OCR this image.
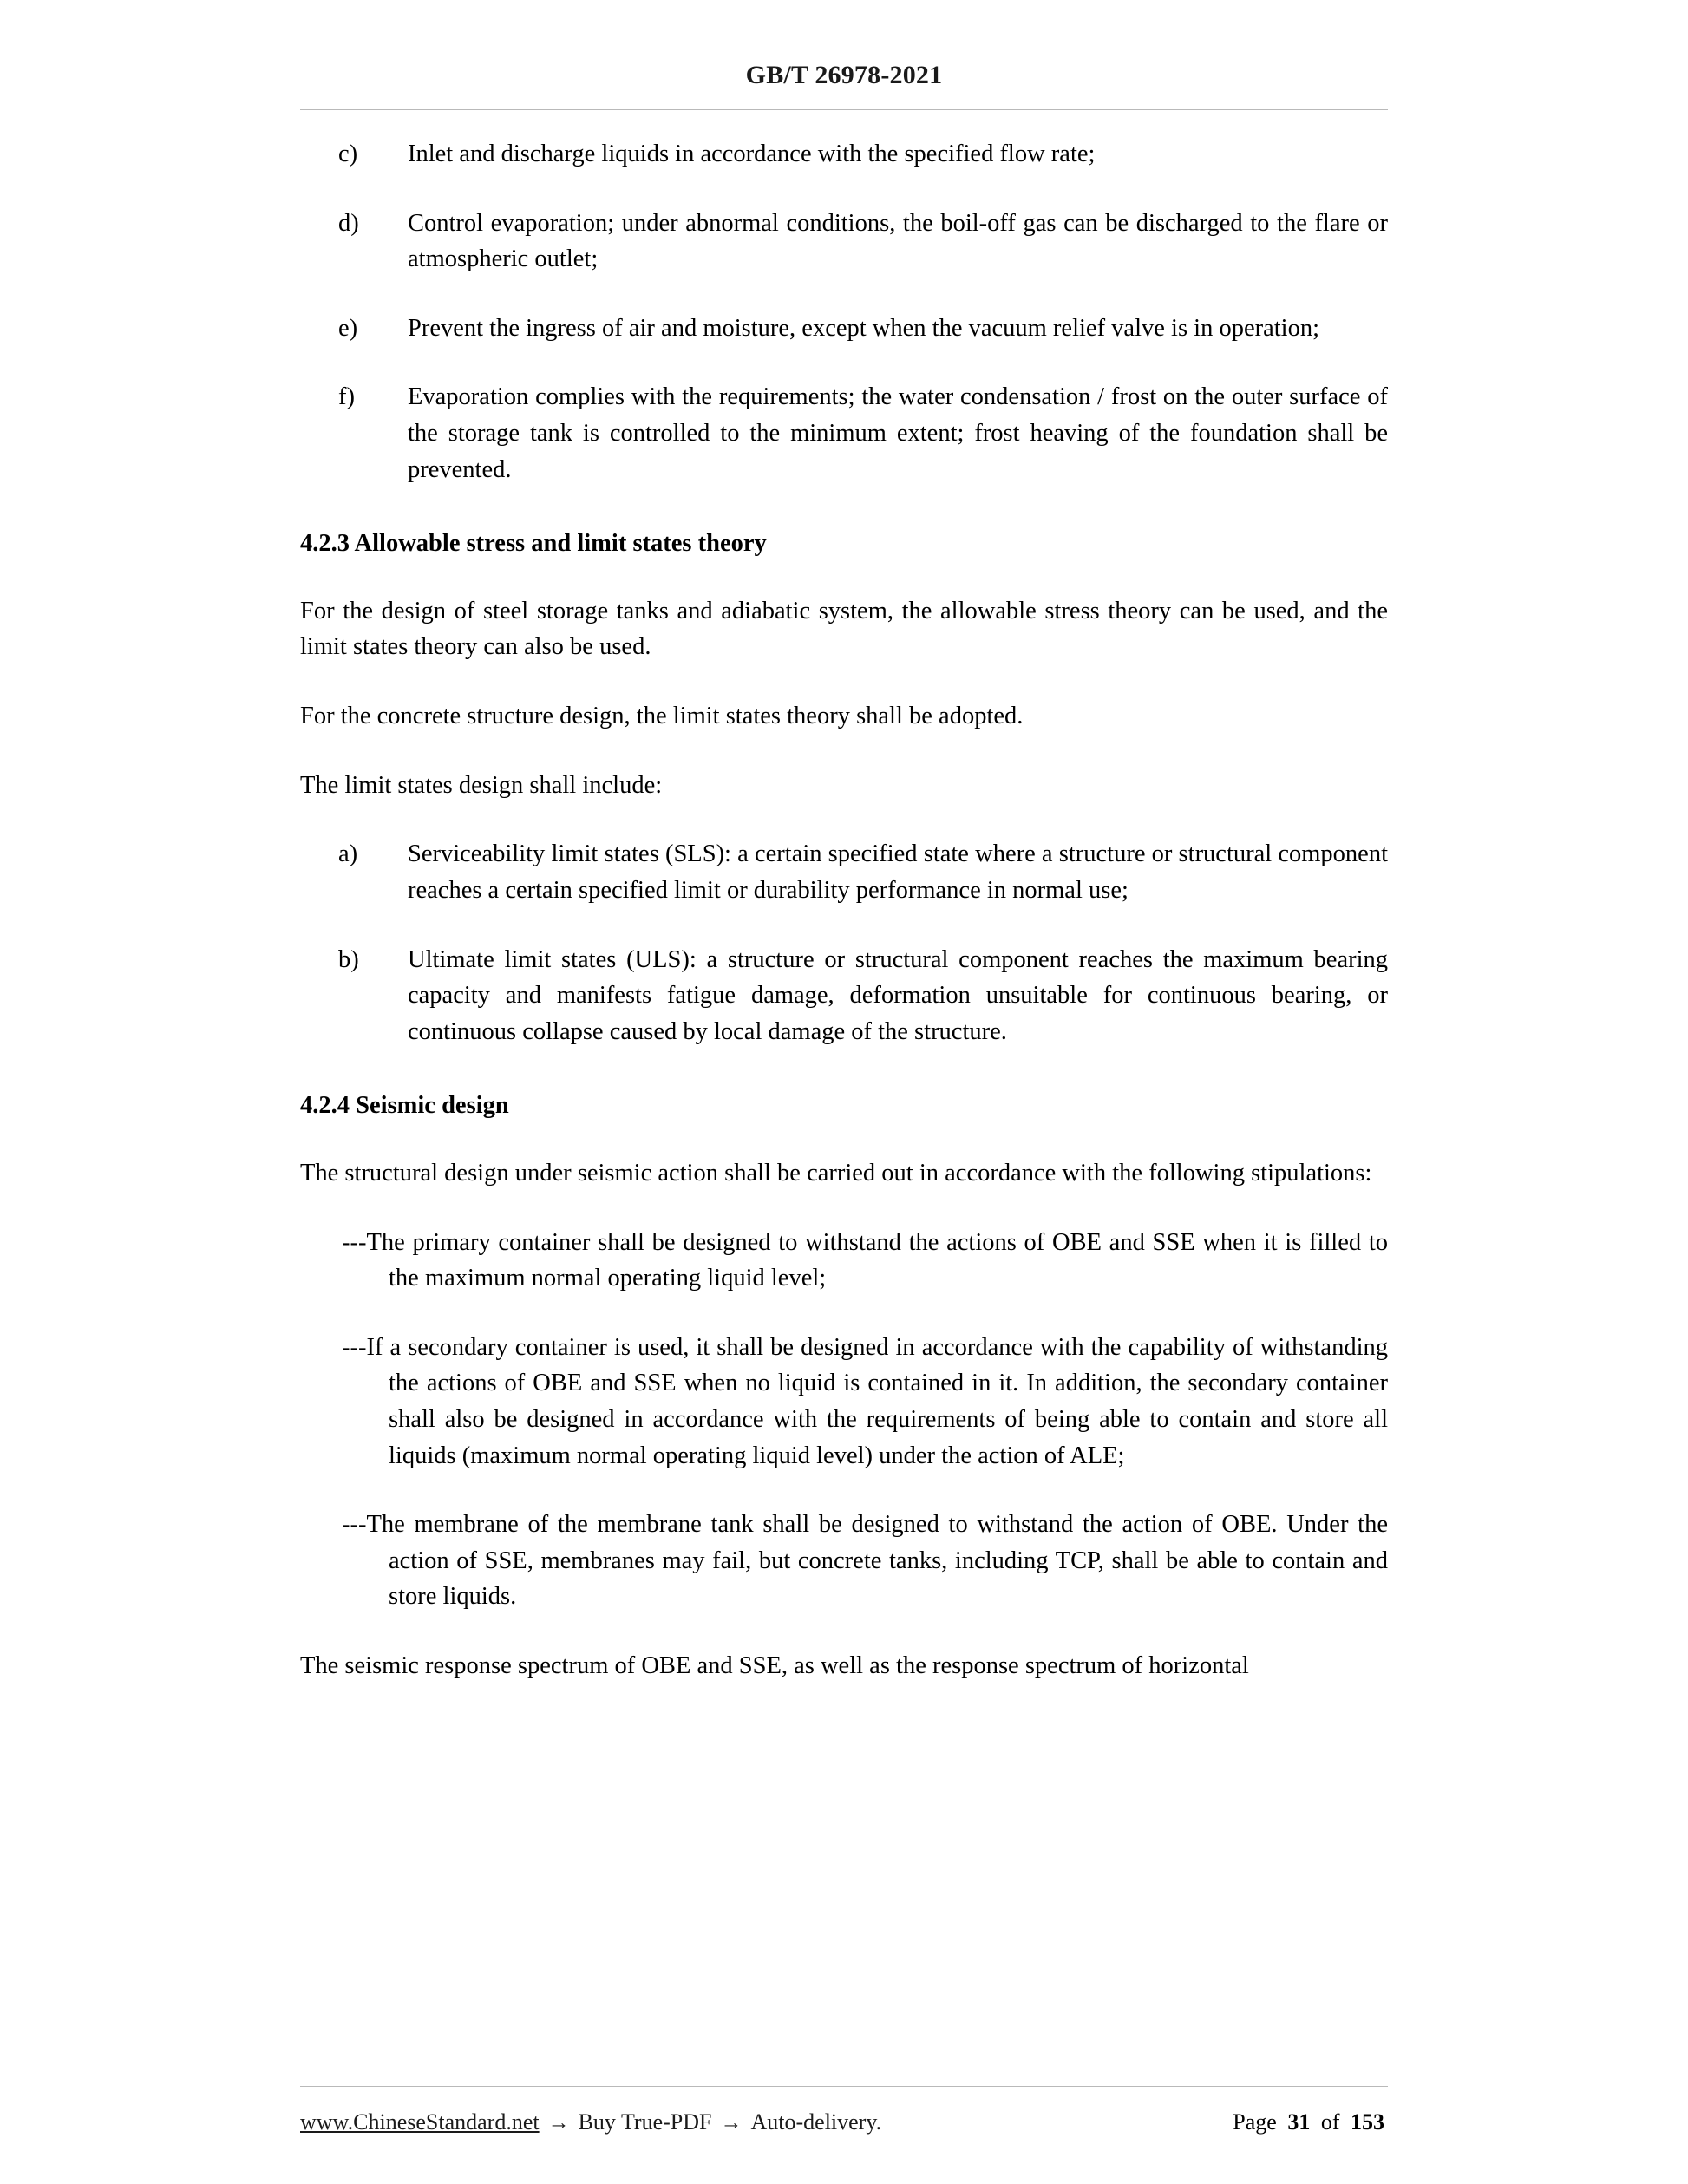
GB/T 26978-2021
c)	Inlet and discharge liquids in accordance with the specified flow rate;
d)	Control evaporation; under abnormal conditions, the boil-off gas can be discharged to the flare or atmospheric outlet;
e)	Prevent the ingress of air and moisture, except when the vacuum relief valve is in operation;
f)	Evaporation complies with the requirements; the water condensation / frost on the outer surface of the storage tank is controlled to the minimum extent; frost heaving of the foundation shall be prevented.
4.2.3 Allowable stress and limit states theory

For the design of steel storage tanks and adiabatic system, the allowable stress theory can be used, and the limit states theory can also be used.

For the concrete structure design, the limit states theory shall be adopted.

The limit states design shall include:

a)	Serviceability limit states (SLS): a certain specified state where a structure or structural component reaches a certain specified limit or durability performance in normal use;
b)	Ultimate limit states (ULS): a structure or structural component reaches the maximum bearing capacity and manifests fatigue damage, deformation unsuitable for continuous bearing, or continuous collapse caused by local damage of the structure.
4.2.4 Seismic design

The structural design under seismic action shall be carried out in accordance with the following stipulations:

---The primary container shall be designed to withstand the actions of OBE and SSE when it is filled to the maximum normal operating liquid level;
---If a secondary container is used, it shall be designed in accordance with the capability of withstanding the actions of OBE and SSE when no liquid is contained in it. In addition, the secondary container shall also be designed in accordance with the requirements of being able to contain and store all liquids (maximum normal operating liquid level) under the action of ALE;
---The membrane of the membrane tank shall be designed to withstand the action of OBE. Under the action of SSE, membranes may fail, but concrete tanks, including TCP, shall be able to contain and store liquids.

The seismic response spectrum of OBE and SSE, as well as the response spectrum of horizontal

www.ChineseStandard.net → Buy True-PDF → Auto-delivery.	Page 31 of 153
